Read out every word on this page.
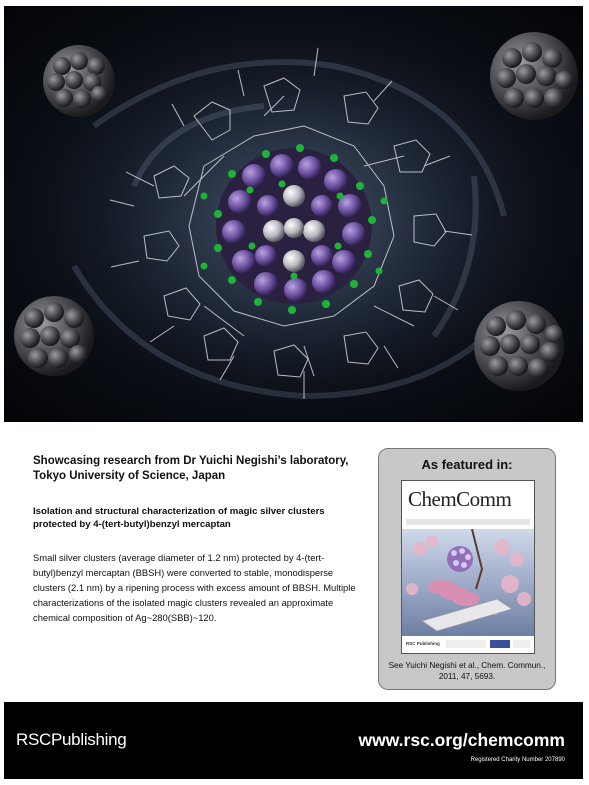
Showcasing research from Dr Yuichi Negishi’s laboratory, Tokyo University of Science, Japan
Isolation and structural characterization of magic silver clusters protected by 4-(tert-butyl)benzyl mercaptan
Small silver clusters (average diameter of 1.2 nm) protected by 4-(tert-butyl)benzyl mercaptan (BBSH) were converted to stable, monodisperse clusters (2.1 nm) by a ripening process with excess amount of BBSH. Multiple characterizations of the isolated magic clusters revealed an approximate chemical composition of Ag~280(SBB)~120.
As featured in:
ChemComm
RSC Publishing
See Yuichi Negishi et al., Chem. Commun.,
2011, 47, 5693.
RSCPublishing	www.rsc.org/chemcomm
Registered Charity Number 207890
